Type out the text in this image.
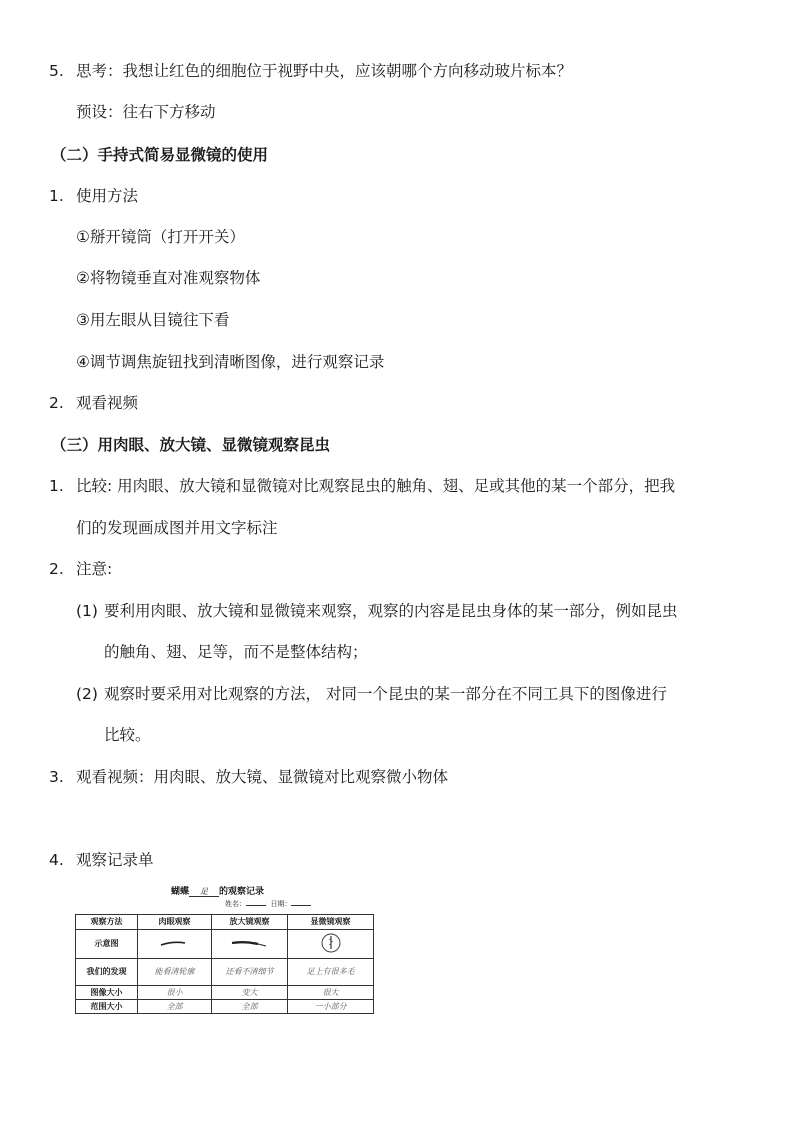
5. 思考：我想让红色的细胞位于视野中央，应该朝哪个方向移动玻片标本？
预设：往右下方移动
（二）手持式简易显微镜的使用
1. 使用方法
①掰开镜筒（打开开关）
②将物镜垂直对准观察物体
③用左眼从目镜往下看
④调节调焦旋钮找到清晰图像，进行观察记录
2. 观看视频
（三）用肉眼、放大镜、显微镜观察昆虫
1. 比较: 用肉眼、放大镜和显微镜对比观察昆虫的触角、翅、足或其他的某一个部分，把我
们的发现画成图并用文字标注
2. 注意:
(1) 要利用肉眼、放大镜和显微镜来观察，观察的内容是昆虫身体的某一部分，例如昆虫
的触角、翅、足等，而不是整体结构；
(2) 观察时要采用对比观察的方法， 对同一个昆虫的某一部分在不同工具下的图像进行
比较。
3. 观看视频：用肉眼、放大镜、显微镜对比观察微小物体
4. 观察记录单
蝴蝶 足 的观察记录
姓名：	日期：
观察方法	肉眼观察	放大镜观察	显微镜观察
示意图			
我们的发现	能看清轮廓	还看不清细节	足上有很多毛
图像大小	很小	变大	很大
范围大小	全部	全部	一小部分
